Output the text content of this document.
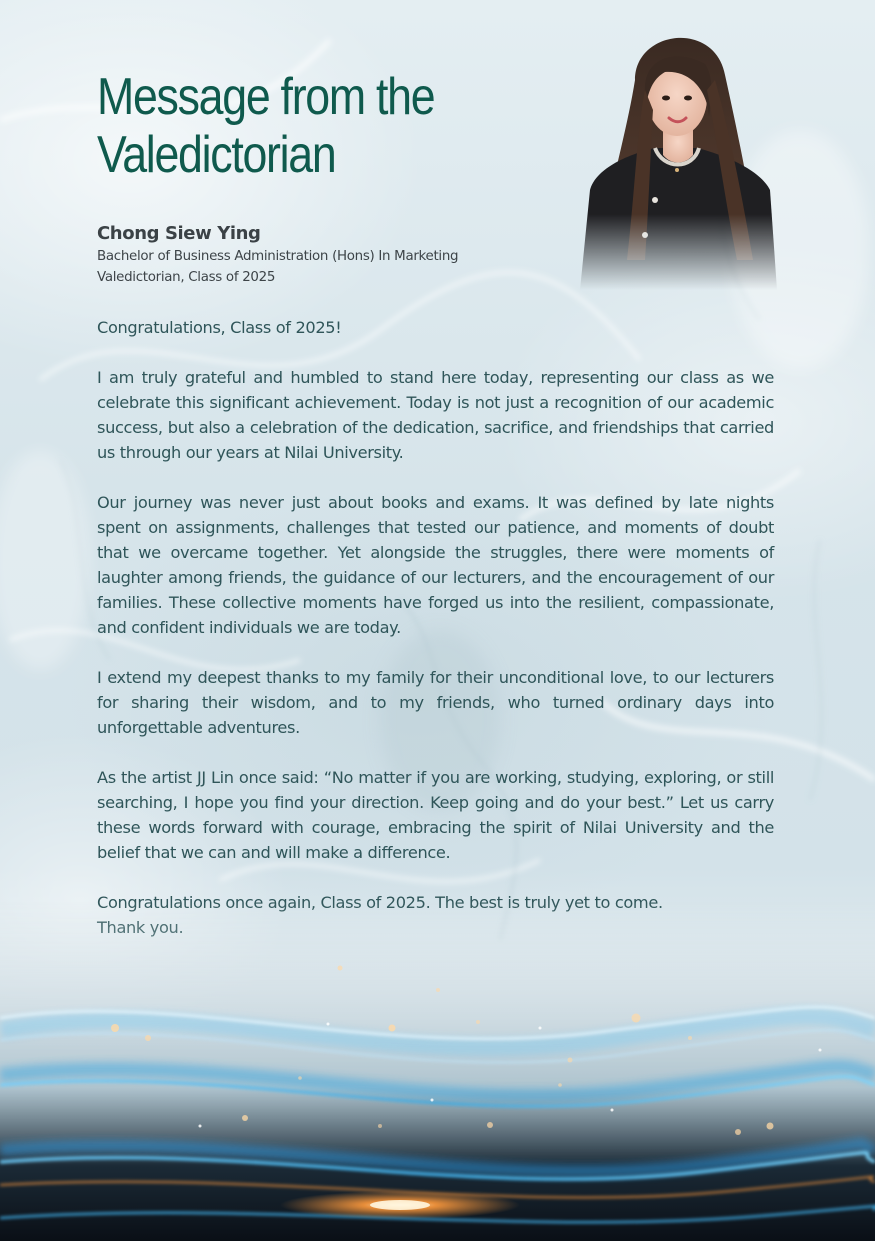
Message from the
Valedictorian
Chong Siew Ying
Bachelor of Business Administration (Hons) In Marketing
Valedictorian, Class of 2025

Congratulations, Class of 2025!

I am truly grateful and humbled to stand here today, representing our class as we celebrate this significant achievement. Today is not just a recognition of our academic success, but also a celebration of the dedication, sacrifice, and friendships that carried us through our years at Nilai University.

Our journey was never just about books and exams. It was defined by late nights spent on assignments, challenges that tested our patience, and moments of doubt that we overcame together. Yet alongside the struggles, there were moments of laughter among friends, the guidance of our lecturers, and the encouragement of our families. These collective moments have forged us into the resilient, compassionate, and confident individuals we are today.

I extend my deepest thanks to my family for their unconditional love, to our lecturers for sharing their wisdom, and to my friends, who turned ordinary days into unforgettable adventures.

As the artist JJ Lin once said: “No matter if you are working, studying, exploring, or still searching, I hope you find your direction. Keep going and do your best.” Let us carry these words forward with courage, embracing the spirit of Nilai University and the belief that we can and will make a difference.
